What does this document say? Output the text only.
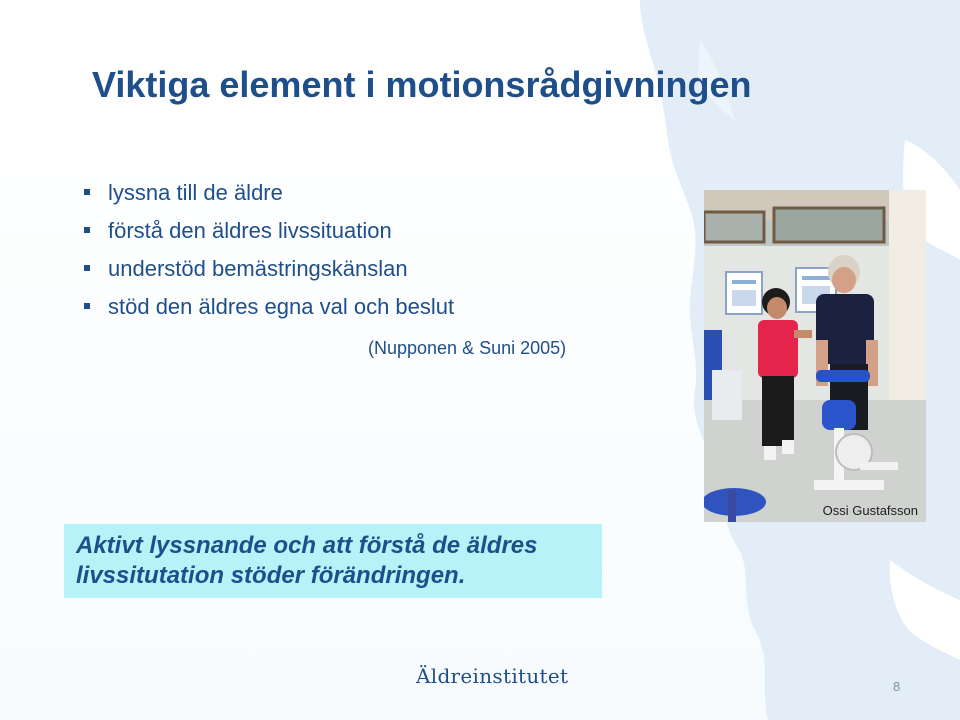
Viktiga element i motionsrådgivningen
lyssna till de äldre
förstå den äldres livssituation
understöd bemästringskänslan
stöd den äldres egna val och beslut
(Nupponen & Suni 2005)
Ossi Gustafsson
Aktivt lyssnande och att förstå de äldres
livssitutation stöder förändringen.
Äldreinstitutet	8
